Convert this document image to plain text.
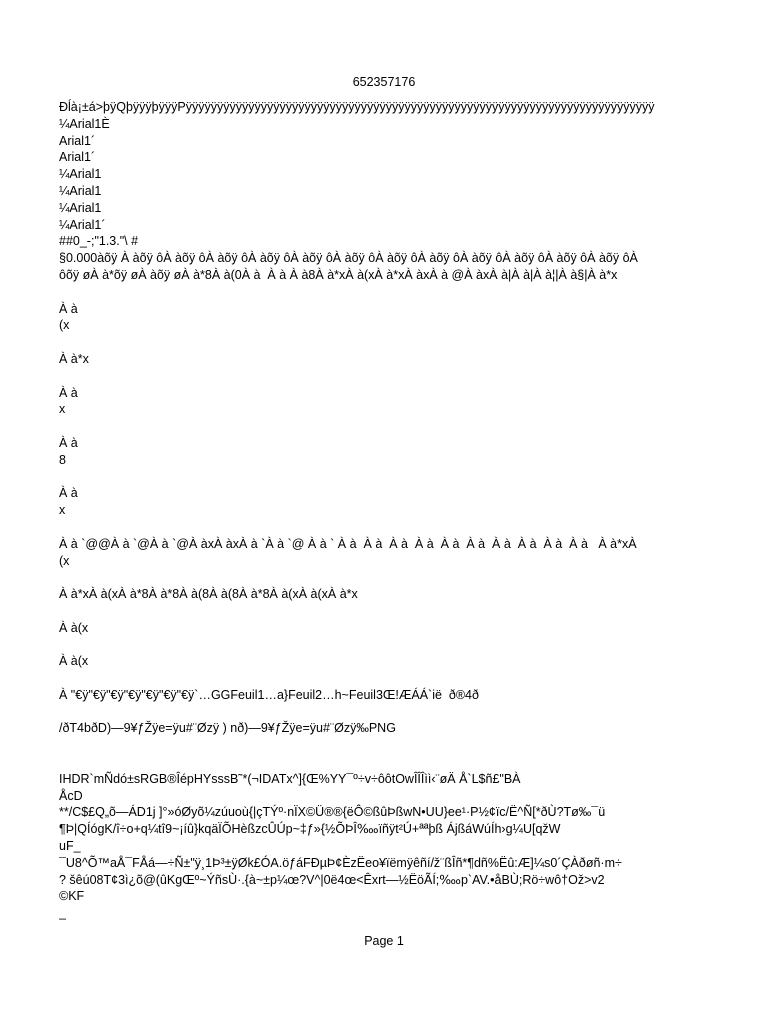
652357176
Ðĺà¡±á>þÿQþÿÿÿþÿÿÿPÿÿÿÿÿÿÿÿÿÿÿÿÿÿÿÿÿÿÿÿÿÿÿÿÿÿÿÿÿÿÿÿÿÿÿÿÿÿÿÿÿÿÿÿÿÿÿÿÿÿÿÿÿÿÿÿÿÿÿÿÿÿÿÿÿÿÿÿÿÿÿÿÿÿÿ
¼Arial1È
Arial1´
Arial1´
¼Arial1
¼Arial1
¼Arial1
¼Arial1´
##0_-;"1.3."\ #
§0.000àõÿ À àõÿ ôÀ àõÿ ôÀ àõÿ ôÀ àõÿ ôÀ àõÿ ôÀ àõÿ ôÀ àõÿ ôÀ àõÿ ôÀ àõÿ ôÀ àõÿ ôÀ àõÿ ôÀ àõÿ ôÀ
ôõÿ øÀ à*õÿ øÀ àõÿ øÀ à*8À à(0À à  À à À à8À à*xÀ à(xÀ à*xÀ àxÀ à @À àxÀ à|À à|À à¦|À à§|À à*x
À à
(x
À à*x
À à
x
À à
8
À à
x
À à `@@À à `@À à `@À àxÀ àxÀ à `À à `@ À à ` À à  À à  À à  À à  À à  À à  À à  À à  À à  À à   À à*xÀ
(x
À à*xÀ à(xÀ à*8À à*8À à(8À à(8À à*8À à(xÀ à(xÀ à*x
À à(x
À à(x
À "€ÿ"€ÿ"€ÿ"€ÿ"€ÿ"€ÿ"€ÿ`…GGFeuil1…a}Feuil2…h~Feuil3Œ!ÆÁÁ`ië  ð®4ð
/ðT4bðD)—9¥ƒŽÿe=ÿu#¨Øzÿ ) nð)—9¥ƒŽÿe=ÿu#¨Øzÿ‰PNG
IHDR`mÑdó±sRGB®ÎépHYsssB˜*(¬IDATx^]{Œ%YY¯º÷v÷ôôtOwÎÎÎìì‹¨øÄ Å`L$ñ£"BÀ
ÅcD
**/C$£Q„õ—ÁD1j ]°»óØyõ¼zúuoù{|çTÝº·nÏX©Ü®®{ëÔ©ßûÞßwN•UU}ee¹·P½¢ïc/Ë^Ñ[*ðÙ?Tø‰¯ü
¶Þ|QÍógK/î÷o+q¼tî9~¡íû}kqäÏÕHèßzcÛÚp~‡ƒ»{½ÕÞÎ‱ïñÿt²Ú+ªªþß ÁjßáWúÍh›g¼U[qžW
uF_
¯U8^Õ™aÅ¯FÅá—÷Ñ±"ÿ¸1Þ³±ÿØk£ÓA.öƒáFÐµÞ¢ÈzËeo¥ïëmÿêñí/ž¨ßÎñ*¶dñ%Ëû:Æ]¼s0´ÇÀðøñ·m÷
? šêú08T¢3ì¿õ@(ûKgŒº~ÝñsÙ·.{à~±p¼œ?V^|0ë4œ<Êxrt—½ËöÃÍ;‱p`AV.•åBÙ;Rö÷wô†Ož>v2
©KF
_
Page 1
